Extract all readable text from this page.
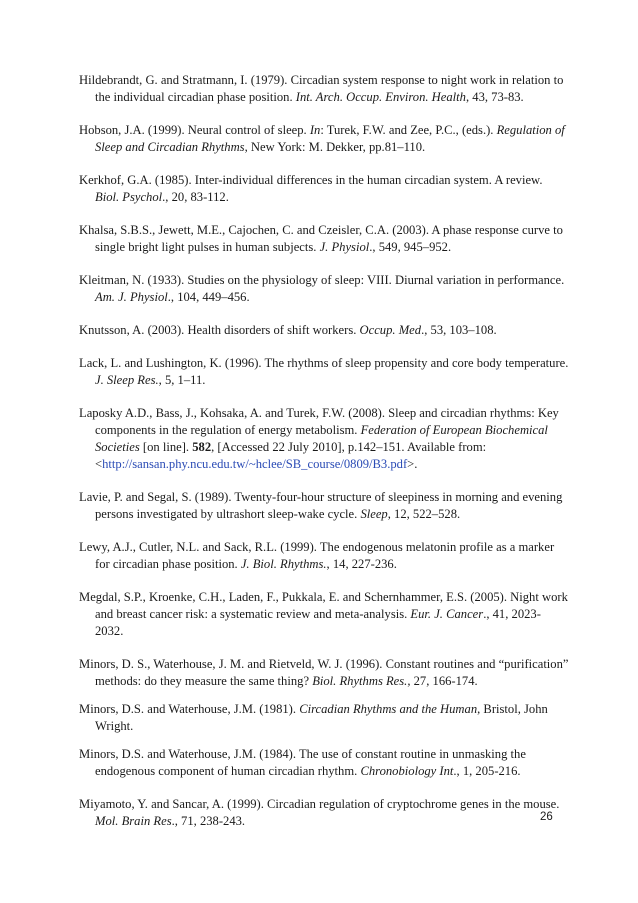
Hildebrandt, G. and Stratmann, I. (1979). Circadian system response to night work in relation to the individual circadian phase position. Int. Arch. Occup. Environ. Health, 43, 73-83.

Hobson, J.A. (1999). Neural control of sleep. In: Turek, F.W. and Zee, P.C., (eds.). Regulation of Sleep and Circadian Rhythms, New York: M. Dekker, pp.81–110.

Kerkhof, G.A. (1985). Inter-individual differences in the human circadian system. A review. Biol. Psychol., 20, 83-112.

Khalsa, S.B.S., Jewett, M.E., Cajochen, C. and Czeisler, C.A. (2003). A phase response curve to single bright light pulses in human subjects. J. Physiol., 549, 945–952.

Kleitman, N. (1933). Studies on the physiology of sleep: VIII. Diurnal variation in performance. Am. J. Physiol., 104, 449–456.

Knutsson, A. (2003). Health disorders of shift workers. Occup. Med., 53, 103–108.

Lack, L. and Lushington, K. (1996). The rhythms of sleep propensity and core body temperature. J. Sleep Res., 5, 1–11.

Laposky A.D., Bass, J., Kohsaka, A. and Turek, F.W. (2008). Sleep and circadian rhythms: Key components in the regulation of energy metabolism. Federation of European Biochemical Societies [on line]. 582, [Accessed 22 July 2010], p.142–151. Available from: <http://sansan.phy.ncu.edu.tw/~hclee/SB_course/0809/B3.pdf>.

Lavie, P. and Segal, S. (1989). Twenty-four-hour structure of sleepiness in morning and evening persons investigated by ultrashort sleep-wake cycle. Sleep, 12, 522–528.

Lewy, A.J., Cutler, N.L. and Sack, R.L. (1999). The endogenous melatonin profile as a marker for circadian phase position. J. Biol. Rhythms., 14, 227-236.

Megdal, S.P., Kroenke, C.H., Laden, F., Pukkala, E. and Schernhammer, E.S. (2005). Night work and breast cancer risk: a systematic review and meta-analysis. Eur. J. Cancer., 41, 2023-2032.

Minors, D. S., Waterhouse, J. M. and Rietveld, W. J. (1996). Constant routines and “purification” methods: do they measure the same thing? Biol. Rhythms Res., 27, 166-174.

Minors, D.S. and Waterhouse, J.M. (1981). Circadian Rhythms and the Human, Bristol, John Wright.

Minors, D.S. and Waterhouse, J.M. (1984). The use of constant routine in unmasking the endogenous component of human circadian rhythm. Chronobiology Int., 1, 205-216.

Miyamoto, Y. and Sancar, A. (1999). Circadian regulation of cryptochrome genes in the mouse. Mol. Brain Res., 71, 238-243.	26
